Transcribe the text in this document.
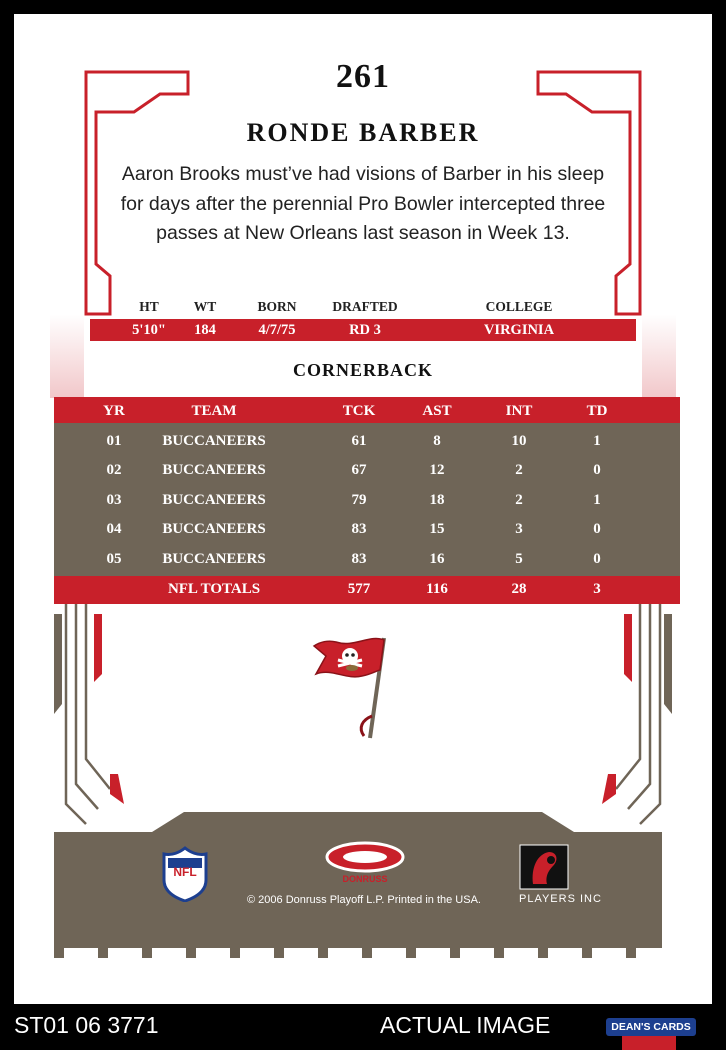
261
RONDE BARBER
Aaron Brooks must’ve had visions of Barber in his sleep for days after the perennial Pro Bowler intercepted three passes at New Orleans last season in Week 13.
HT	WT	BORN	DRAFTED	COLLEGE
5'10"	184	4/7/75	RD 3	VIRGINIA
CORNERBACK
YR	TEAM	TCK	AST	INT	TD
01	BUCCANEERS	61	8	10	1
02	BUCCANEERS	67	12	2	0
03	BUCCANEERS	79	18	2	1
04	BUCCANEERS	83	15	3	0
05	BUCCANEERS	83	16	5	0
NFL TOTALS	577	116	28	3
NFL	DONRUSS
PLAYERS INC
© 2006 Donruss Playoff L.P. Printed in the USA.
ST01 06 3771	ACTUAL IMAGE	DEAN'S CARDS
